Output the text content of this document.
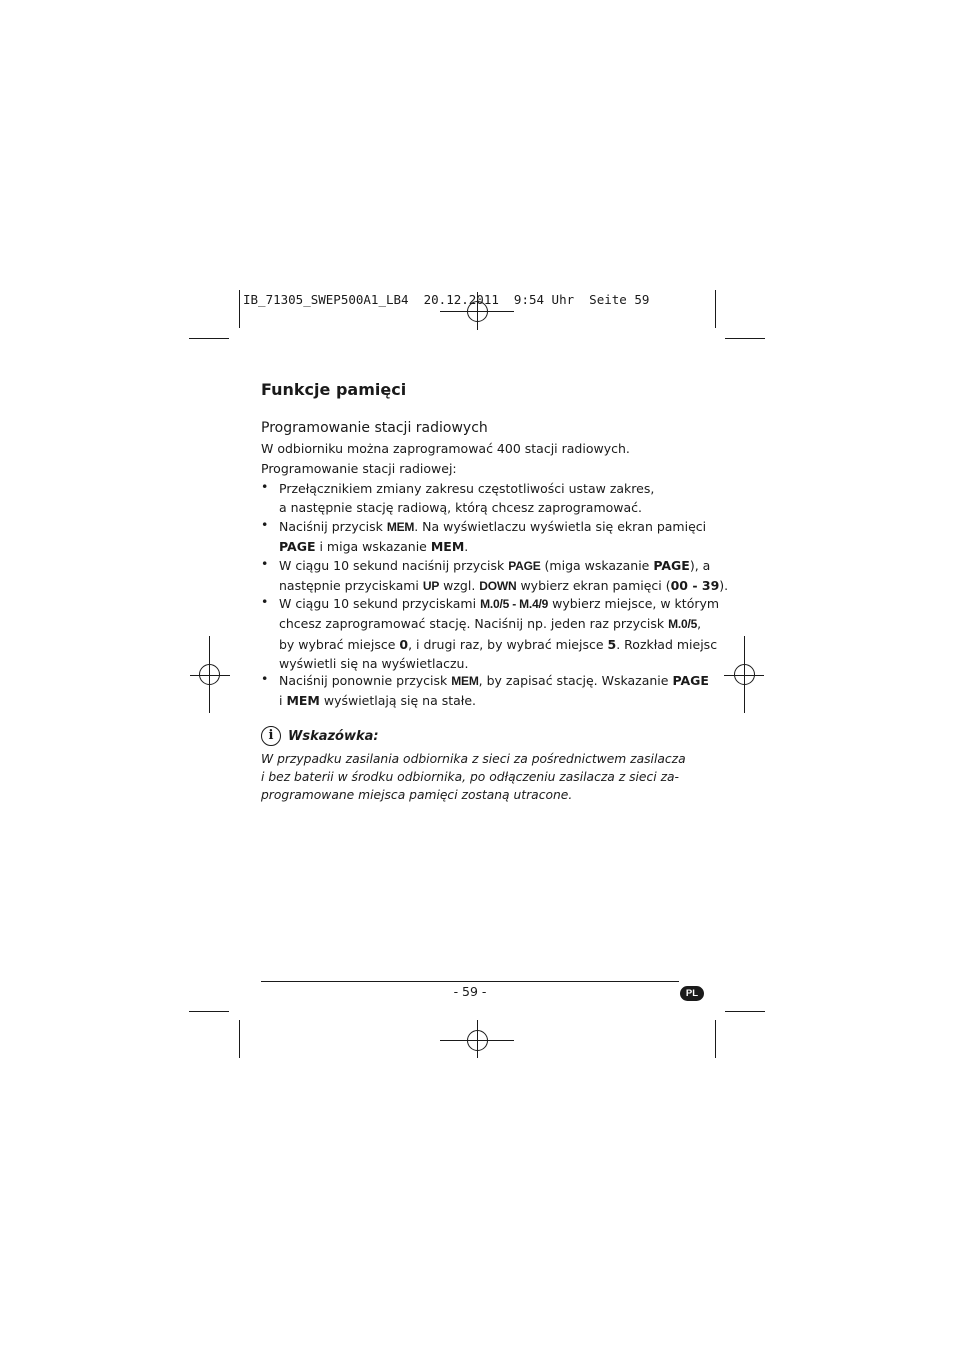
IB_71305_SWEP500A1_LB4  20.12.2011  9:54 Uhr  Seite 59
Funkcje pamięci
Programowanie stacji radiowych

W odbiorniku można zaprogramować 400 stacji radiowych.

Programowanie stacji radiowej:

• Przełącznikiem zmiany zakresu częstotliwości ustaw zakres,
a następnie stację radiową, którą chcesz zaprogramować.
• Naciśnij przycisk MEM. Na wyświetlaczu wyświetla się ekran pamięci
PAGE i miga wskazanie MEM.
• W ciągu 10 sekund naciśnij przycisk PAGE (miga wskazanie PAGE), a
następnie przyciskami UP wzgl. DOWN wybierz ekran pamięci (00 - 39).
• W ciągu 10 sekund przyciskami M.0/5 - M.4/9 wybierz miejsce, w którym
chcesz zaprogramować stację. Naciśnij np. jeden raz przycisk M.0/5,
by wybrać miejsce 0, i drugi raz, by wybrać miejsce 5. Rozkład miejsc
wyświetli się na wyświetlaczu.
• Naciśnij ponownie przycisk MEM, by zapisać stację. Wskazanie PAGE
i MEM wyświetlają się na stałe.
i	Wskazówka:
W przypadku zasilania odbiornika z sieci za pośrednictwem zasilacza
i bez baterii w środku odbiornika, po odłączeniu zasilacza z sieci za-
programowane miejsca pamięci zostaną utracone.
- 59 -	PL
